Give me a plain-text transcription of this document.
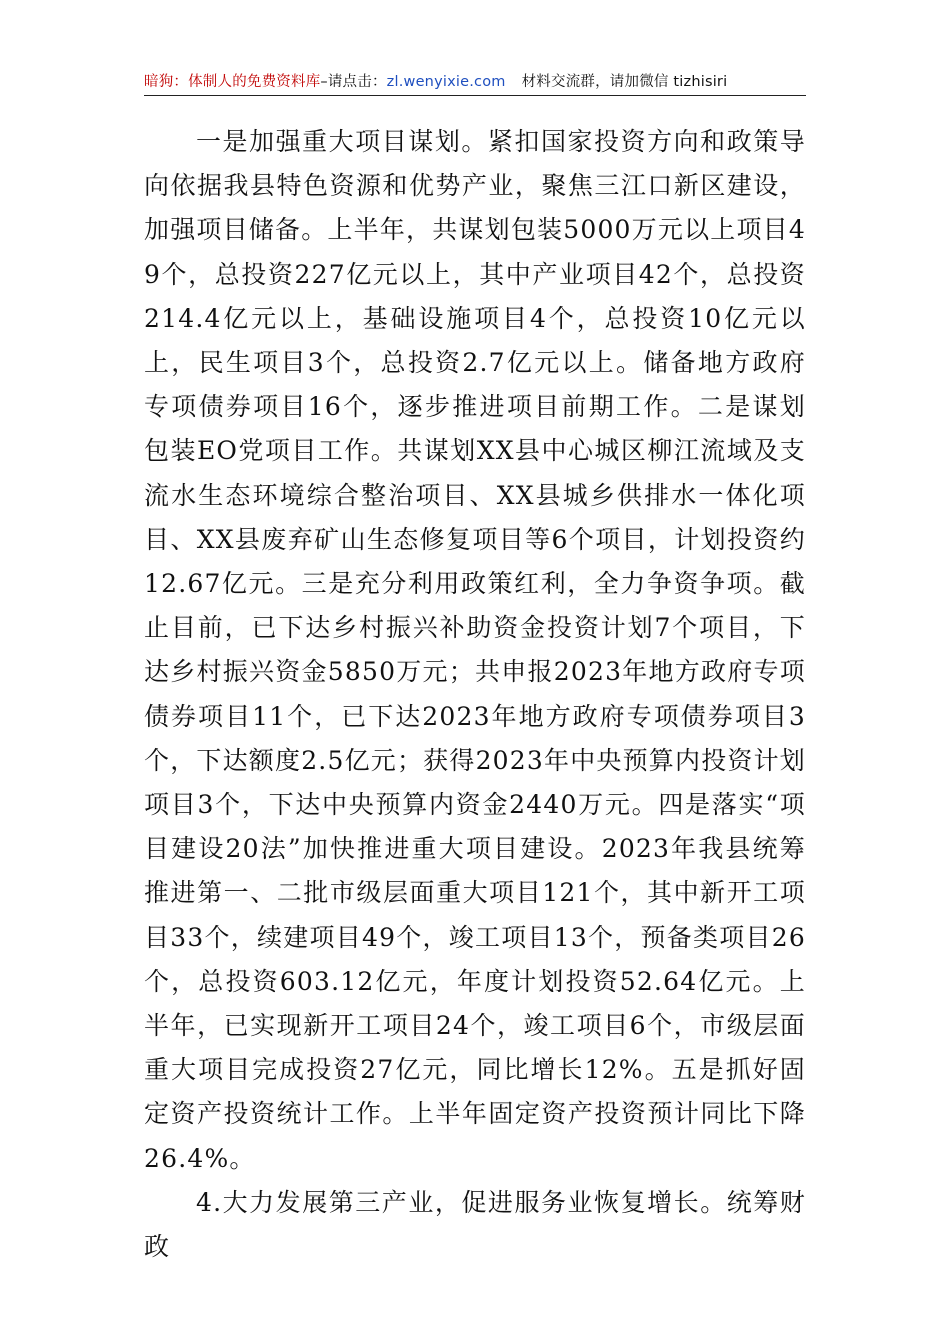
暗狗：体制人的免费资料库–请点击：zl.wenyixie.com 材料交流群，请加微信 tizhisiri

一是加强重大项目谋划。紧扣国家投资方向和政策导向依据我县特色资源和优势产业，聚焦三江口新区建设，加强项目储备。上半年，共谋划包装5000万元以上项目49个，总投资227亿元以上，其中产业项目42个，总投资214.4亿元以上，基础设施项目4个，总投资10亿元以上，民生项目3个，总投资2.7亿元以上。储备地方政府专项债券项目16个，逐步推进项目前期工作。二是谋划包装EO党项目工作。共谋划XX县中心城区柳江流域及支流水生态环境综合整治项目、XX县城乡供排水一体化项目、XX县废弃矿山生态修复项目等6个项目，计划投资约12.67亿元。三是充分利用政策红利，全力争资争项。截止目前，已下达乡村振兴补助资金投资计划7个项目，下达乡村振兴资金5850万元；共申报2023年地方政府专项债券项目11个，已下达2023年地方政府专项债券项目3个，下达额度2.5亿元；获得2023年中央预算内投资计划项目3个，下达中央预算内资金2440万元。四是落实“项目建设20法”加快推进重大项目建设。2023年我县统筹推进第一、二批市级层面重大项目121个，其中新开工项目33个，续建项目49个，竣工项目13个，预备类项目26个，总投资603.12亿元，年度计划投资52.64亿元。上半年，已实现新开工项目24个，竣工项目6个，市级层面重大项目完成投资27亿元，同比增长12%。五是抓好固定资产投资统计工作。上半年固定资产投资预计同比下降26.4%。

4.大力发展第三产业，促进服务业恢复增长。统筹财政
